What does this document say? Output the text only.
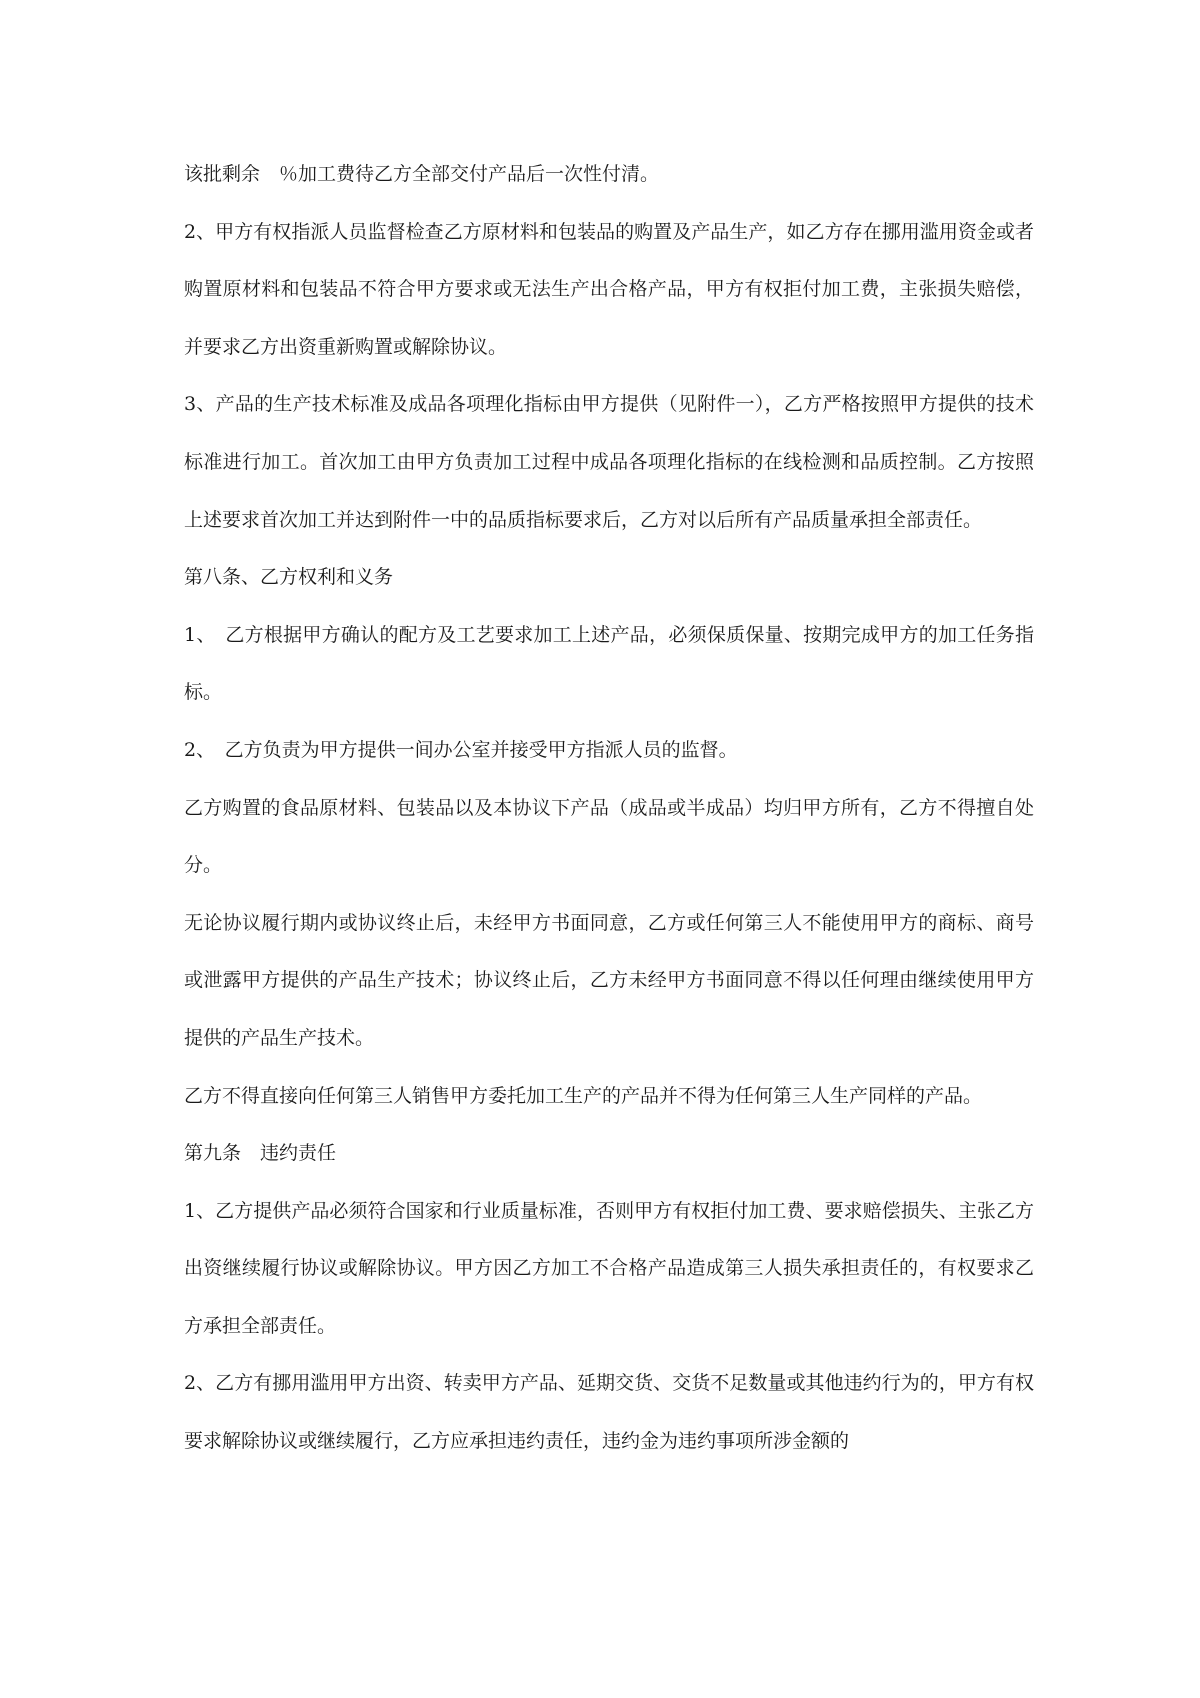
该批剩余　％加工费待乙方全部交付产品后一次性付清。

2、甲方有权指派人员监督检查乙方原材料和包装品的购置及产品生产，如乙方存在挪用滥用资金或者购置原材料和包装品不符合甲方要求或无法生产出合格产品，甲方有权拒付加工费，主张损失赔偿，并要求乙方出资重新购置或解除协议。

3、产品的生产技术标准及成品各项理化指标由甲方提供（见附件一），乙方严格按照甲方提供的技术标准进行加工。首次加工由甲方负责加工过程中成品各项理化指标的在线检测和品质控制。乙方按照上述要求首次加工并达到附件一中的品质指标要求后，乙方对以后所有产品质量承担全部责任。

第八条、乙方权利和义务

1、　乙方根据甲方确认的配方及工艺要求加工上述产品，必须保质保量、按期完成甲方的加工任务指标。

2、　乙方负责为甲方提供一间办公室并接受甲方指派人员的监督。

乙方购置的食品原材料、包装品以及本协议下产品（成品或半成品）均归甲方所有，乙方不得擅自处分。

无论协议履行期内或协议终止后，未经甲方书面同意，乙方或任何第三人不能使用甲方的商标、商号或泄露甲方提供的产品生产技术；协议终止后，乙方未经甲方书面同意不得以任何理由继续使用甲方提供的产品生产技术。

乙方不得直接向任何第三人销售甲方委托加工生产的产品并不得为任何第三人生产同样的产品。

第九条　违约责任

1、乙方提供产品必须符合国家和行业质量标准，否则甲方有权拒付加工费、要求赔偿损失、主张乙方出资继续履行协议或解除协议。甲方因乙方加工不合格产品造成第三人损失承担责任的，有权要求乙方承担全部责任。

2、乙方有挪用滥用甲方出资、转卖甲方产品、延期交货、交货不足数量或其他违约行为的，甲方有权要求解除协议或继续履行，乙方应承担违约责任，违约金为违约事项所涉金额的
